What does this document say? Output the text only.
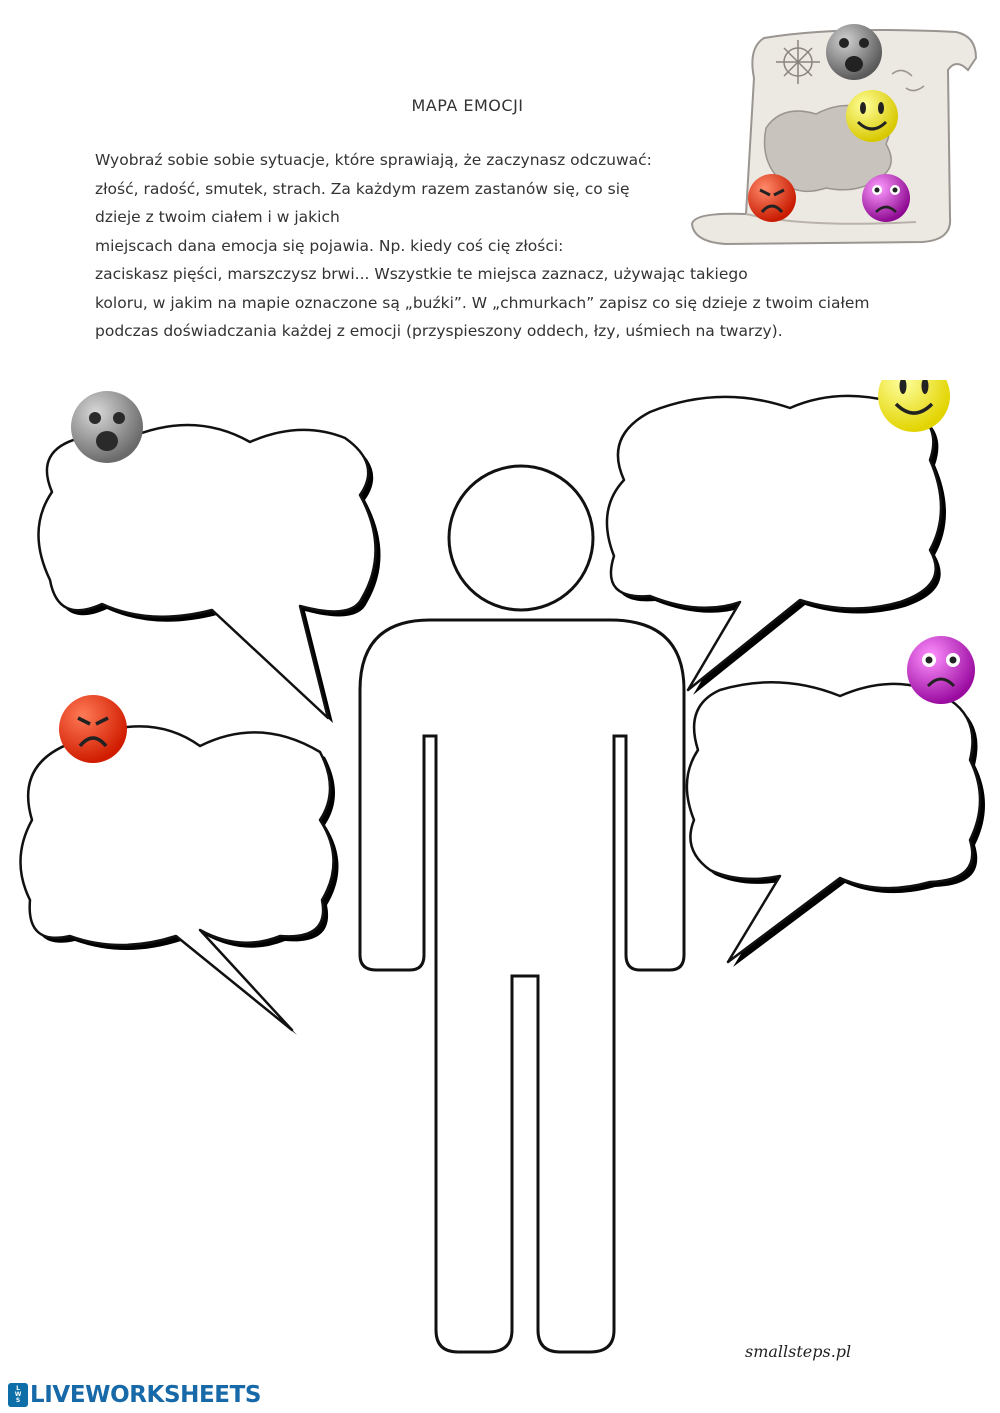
MAPA EMOCJI
Wyobraź sobie sobie sytuacje, które sprawiają, że zaczynasz odczuwać:
złość, radość, smutek, strach. Za każdym razem zastanów się, co się
dzieje z twoim ciałem i w jakich
miejscach dana emocja się pojawia. Np. kiedy coś cię złości:
zaciskasz pięści, marszczysz brwi... Wszystkie te miejsca zaznacz, używając takiego
koloru, w jakim na mapie oznaczone są „buźki”. W „chmurkach” zapisz co się dzieje z twoim ciałem
podczas doświadczania każdej z emocji (przyspieszony oddech, łzy, uśmiech na twarzy).
smallsteps.pl
L
W
S LIVEWORKSHEETS
